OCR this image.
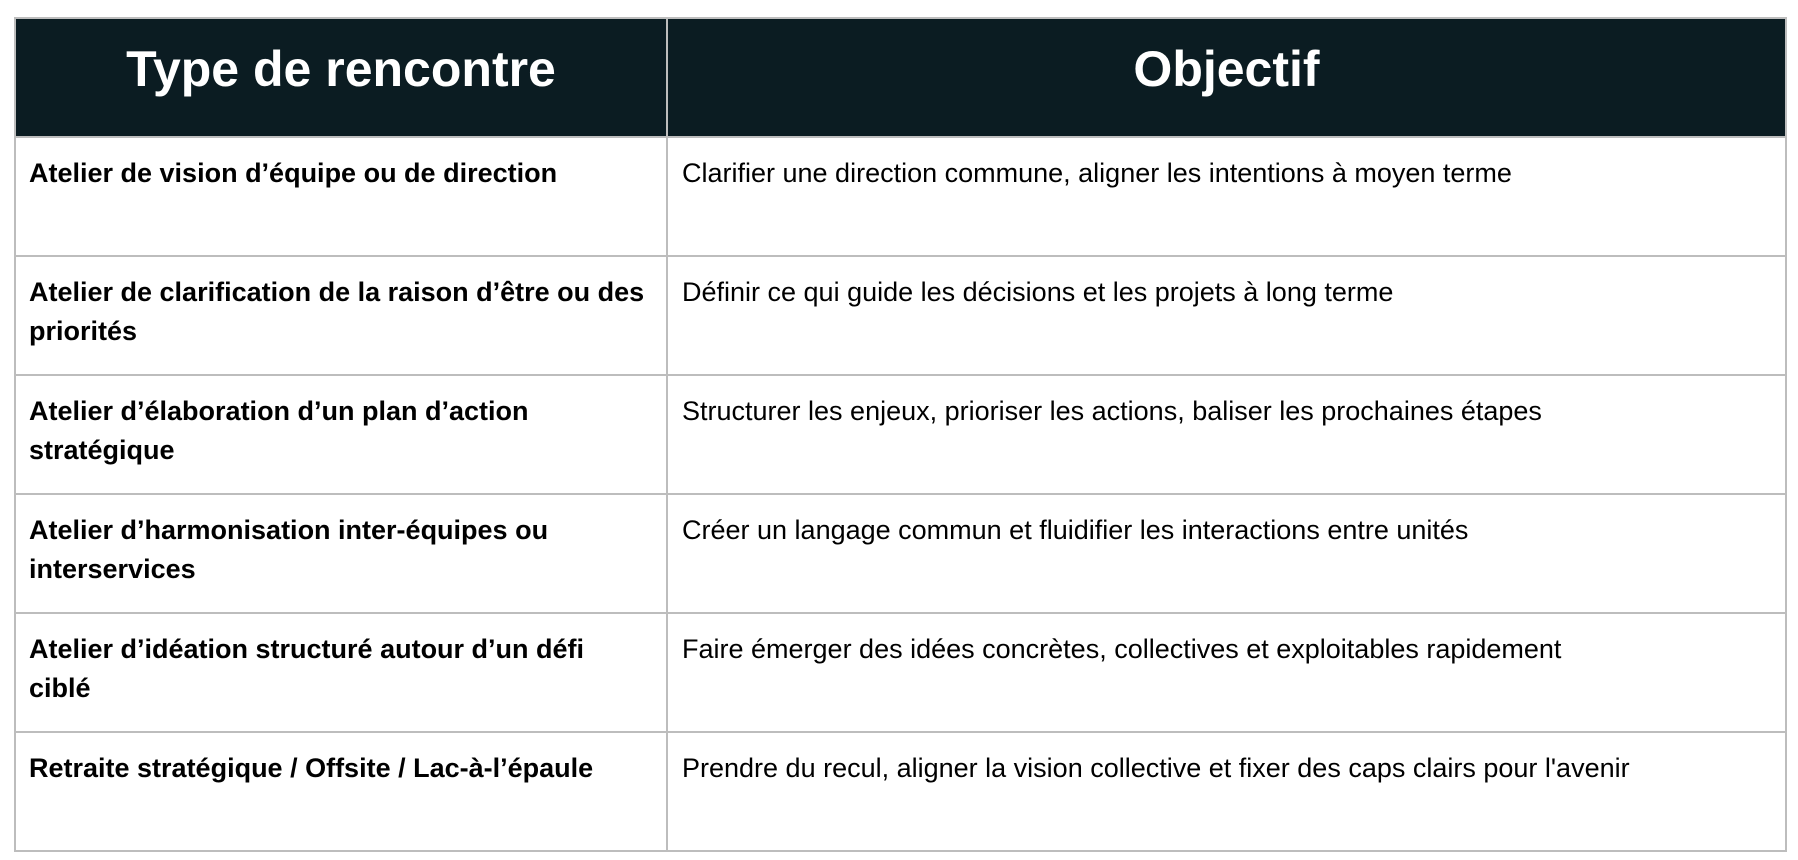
Type de rencontre	Objectif
Atelier de vision d’équipe ou de direction	Clarifier une direction commune, aligner les intentions à moyen terme
Atelier de clarification de la raison d’être ou des priorités	Définir ce qui guide les décisions et les projets à long terme
Atelier d’élaboration d’un plan d’action stratégique	Structurer les enjeux, prioriser les actions, baliser les prochaines étapes
Atelier d’harmonisation inter-équipes ou interservices	Créer un langage commun et fluidifier les interactions entre unités
Atelier d’idéation structuré autour d’un défi ciblé	Faire émerger des idées concrètes, collectives et exploitables rapidement
Retraite stratégique / Offsite / Lac-à-l’épaule	Prendre du recul, aligner la vision collective et fixer des caps clairs pour l'avenir
